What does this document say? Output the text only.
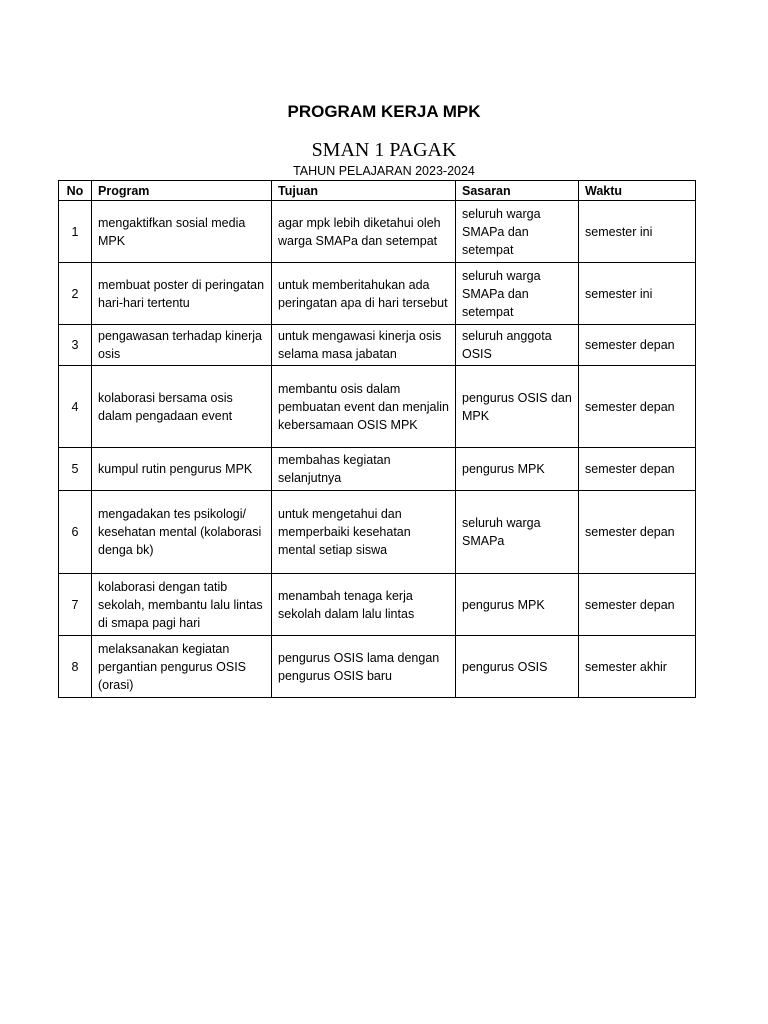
PROGRAM KERJA MPK
SMAN 1 PAGAK
TAHUN PELAJARAN 2023-2024
No	Program	Tujuan	Sasaran	Waktu
1	mengaktifkan sosial media MPK	agar mpk lebih diketahui oleh warga SMAPa dan setempat	seluruh warga SMAPa dan setempat	semester ini
2	membuat poster di peringatan hari-hari tertentu	untuk memberitahukan ada peringatan apa di hari tersebut	seluruh warga SMAPa dan setempat	semester ini
3	pengawasan terhadap kinerja osis	untuk mengawasi kinerja osis selama masa jabatan	seluruh anggota OSIS	semester depan
4	kolaborasi bersama osis dalam pengadaan event	membantu osis dalam pembuatan event dan menjalin kebersamaan OSIS MPK	pengurus OSIS dan MPK	semester depan
5	kumpul rutin pengurus MPK	membahas kegiatan selanjutnya	pengurus MPK	semester depan
6	mengadakan tes psikologi/ kesehatan mental (kolaborasi denga bk)	untuk mengetahui dan memperbaiki kesehatan mental setiap siswa	seluruh warga SMAPa	semester depan
7	kolaborasi dengan tatib sekolah, membantu lalu lintas di smapa pagi hari	menambah tenaga kerja sekolah dalam lalu lintas	pengurus MPK	semester depan
8	melaksanakan kegiatan pergantian pengurus OSIS (orasi)	pengurus OSIS lama dengan pengurus OSIS baru	pengurus OSIS	semester akhir
